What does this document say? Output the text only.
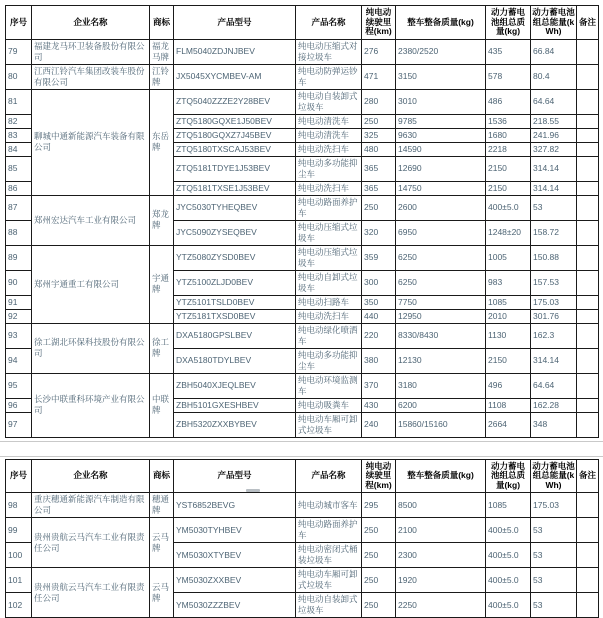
序号	企业名称	商标	产品型号	产品名称	纯电动续驶里程(km)	整车整备质量(kg)	动力蓄电池组总质量(kg)	动力蓄电池组总能量(kWh)	备注
79	福建龙马环卫装备股份有限公司	福龙马牌	FLM5040ZDJNJBEV	纯电动压缩式对接垃圾车	276	2380/2520	435	66.84	
80	江西江铃汽车集团改装车股份有限公司	江铃牌	JX5045XYCMBEV-AM	纯电动防弹运钞车	471	3150	578	80.4	
81	聊城中通新能源汽车装备有限公司	东岳牌	ZTQ5040ZZZE2Y28BEV	纯电动自装卸式垃圾车	280	3010	486	64.64	
82			ZTQ5180GQXE1J50BEV	纯电动清洗车	250	9785	1536	218.55	
83			ZTQ5180GQXZ7J45BEV	纯电动清洗车	325	9630	1680	241.96	
84			ZTQ5180TXSCAJ53BEV	纯电动洗扫车	480	14590	2218	327.82	
85			ZTQ5181TDYE1J53BEV	纯电动多功能抑尘车	365	12690	2150	314.14	
86			ZTQ5181TXSE1J53BEV	纯电动洗扫车	365	14750	2150	314.14	
87	郑州宏达汽车工业有限公司	郑龙牌	JYC5030TYHEQBEV	纯电动路面养护车	250	2600	400±5.0	53	
88			JYC5090ZYSEQBEV	纯电动压缩式垃圾车	320	6950	1248±20	158.72	
89	郑州宇通重工有限公司	宇通牌	YTZ5080ZYSD0BEV	纯电动压缩式垃圾车	359	6250	1005	150.88	
90			YTZ5100ZLJD0BEV	纯电动自卸式垃圾车	300	6250	983	157.53	
91			YTZ5101TSLD0BEV	纯电动扫路车	350	7750	1085	175.03	
92			YTZ5181TXSD0BEV	纯电动洗扫车	440	12950	2010	301.76	
93	徐工湖北环保科技股份有限公司	徐工牌	DXA5180GPSLBEV	纯电动绿化喷洒车	220	8330/8430	1130	162.3	
94			DXA5180TDYLBEV	纯电动多功能抑尘车	380	12130	2150	314.14	
95	长沙中联重科环境产业有限公司	中联牌	ZBH5040XJEQLBEV	纯电动环境监测车	370	3180	496	64.64	
96			ZBH5101GXESHBEV	纯电动吸粪车	430	6200	1108	162.28	
97			ZBH5320ZXXBYBEV	纯电动车厢可卸式垃圾车	240	15860/15160	2664	348	
序号	企业名称	商标	产品型号	产品名称	纯电动续驶里程(km)	整车整备质量(kg)	动力蓄电池组总质量(kg)	动力蓄电池组总能量(kWh)	备注
98	重庆穗通新能源汽车制造有限公司	穗通牌	YST6852BEVG	纯电动城市客车	295	8500	1085	175.03	
99	贵州贵航云马汽车工业有限责任公司	云马牌	YM5030TYHBEV	纯电动路面养护车	250	2100	400±5.0	53	
100			YM5030XTYBEV	纯电动密闭式桶装垃圾车	250	2300	400±5.0	53	
101	贵州贵航云马汽车工业有限责任公司	云马牌	YM5030ZXXBEV	纯电动车厢可卸式垃圾车	250	1920	400±5.0	53	
102			YM5030ZZZBEV	纯电动自装卸式垃圾车	250	2250	400±5.0	53	
